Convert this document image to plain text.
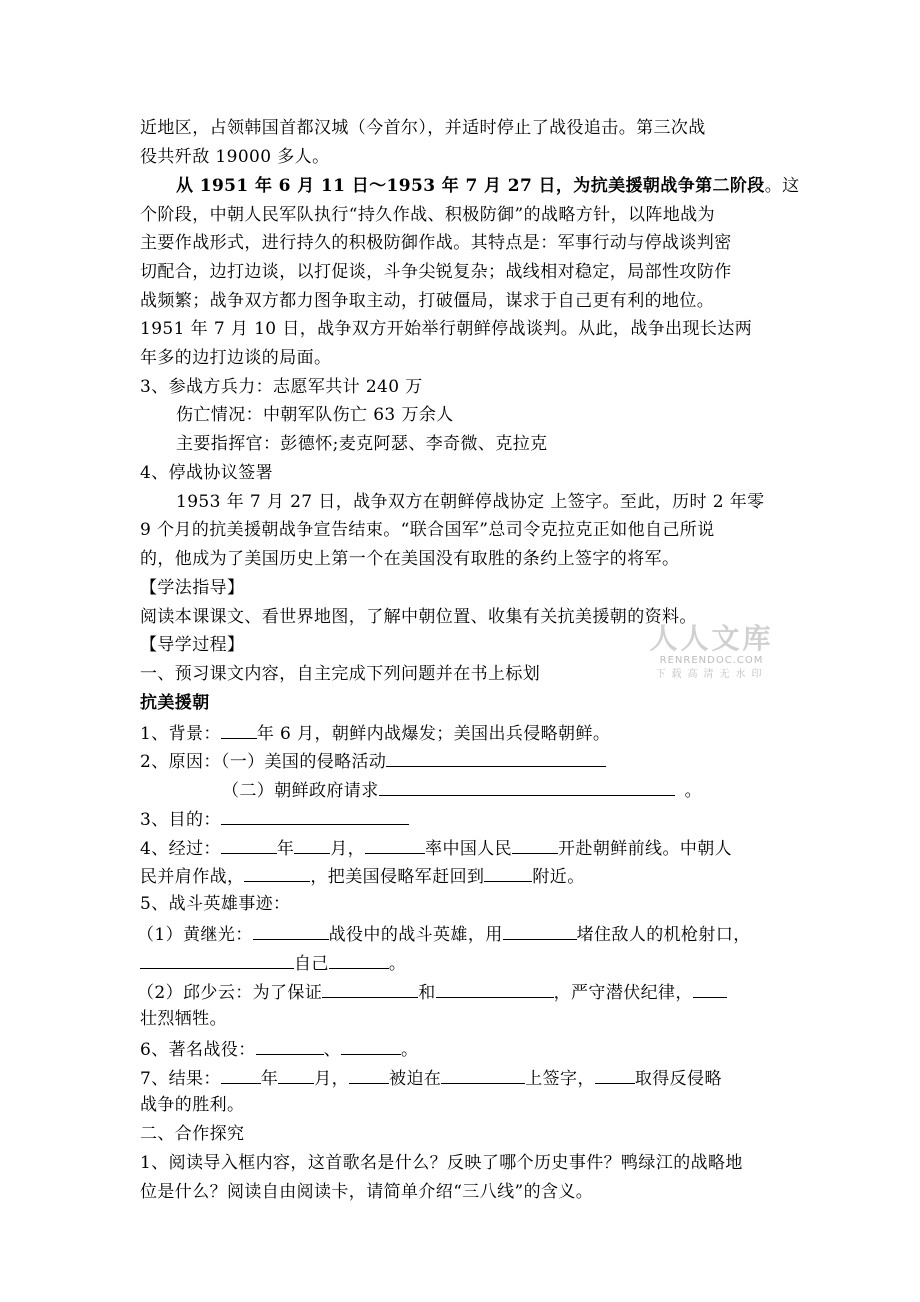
近地区，占领韩国首都汉城（今首尔），并适时停止了战役追击。第三次战
役共歼敌 19000 多人。
从 1951 年 6 月 11 日～1953 年 7 月 27 日，为抗美援朝战争第二阶段。这
个阶段，中朝人民军队执行“持久作战、积极防御”的战略方针，以阵地战为
主要作战形式，进行持久的积极防御作战。其特点是：军事行动与停战谈判密
切配合，边打边谈，以打促谈，斗争尖锐复杂；战线相对稳定，局部性攻防作
战频繁；战争双方都力图争取主动，打破僵局，谋求于自己更有利的地位。
1951 年 7 月 10 日，战争双方开始举行朝鲜停战谈判。从此，战争出现长达两
年多的边打边谈的局面。
3、参战方兵力：志愿军共计 240 万
伤亡情况：中朝军队伤亡 63 万余人
主要指挥官：彭德怀;麦克阿瑟、李奇微、克拉克
4、停战协议签署
1953 年 7 月 27 日，战争双方在朝鲜停战协定 上签字。至此，历时 2 年零
9 个月的抗美援朝战争宣告结束。“联合国军”总司令克拉克正如他自己所说
的，他成为了美国历史上第一个在美国没有取胜的条约上签字的将军。
【学法指导】
阅读本课课文、看世界地图，了解中朝位置、收集有关抗美援朝的资料。
【导学过程】
一、预习课文内容，自主完成下列问题并在书上标划
抗美援朝
1、背景： 年 6 月，朝鲜内战爆发；美国出兵侵略朝鲜。
2、原因：（一）美国的侵略活动
（二）朝鲜政府请求	。
3、目的：
4、经过：	年 月，	率中国人民	开赴朝鲜前线。中朝人
民并肩作战，	，把美国侵略军赶回到	附近。
5、战斗英雄事迹：
（1）黄继光：	战役中的战斗英雄，用	堵住敌人的机枪射口，
自己	。
（2）邱少云：为了保证	和	，严守潜伏纪律，
壮烈牺牲。
6、著名战役：	、	。
7、结果： 年 月， 被迫在	上签字， 取得反侵略
战争的胜利。
二、合作探究
1、阅读导入框内容，这首歌名是什么？反映了哪个历史事件？鸭绿江的战略地
位是什么？阅读自由阅读卡，请简单介绍“三八线”的含义。
人人文库
RENRENDOC.COM
下载高清无水印
